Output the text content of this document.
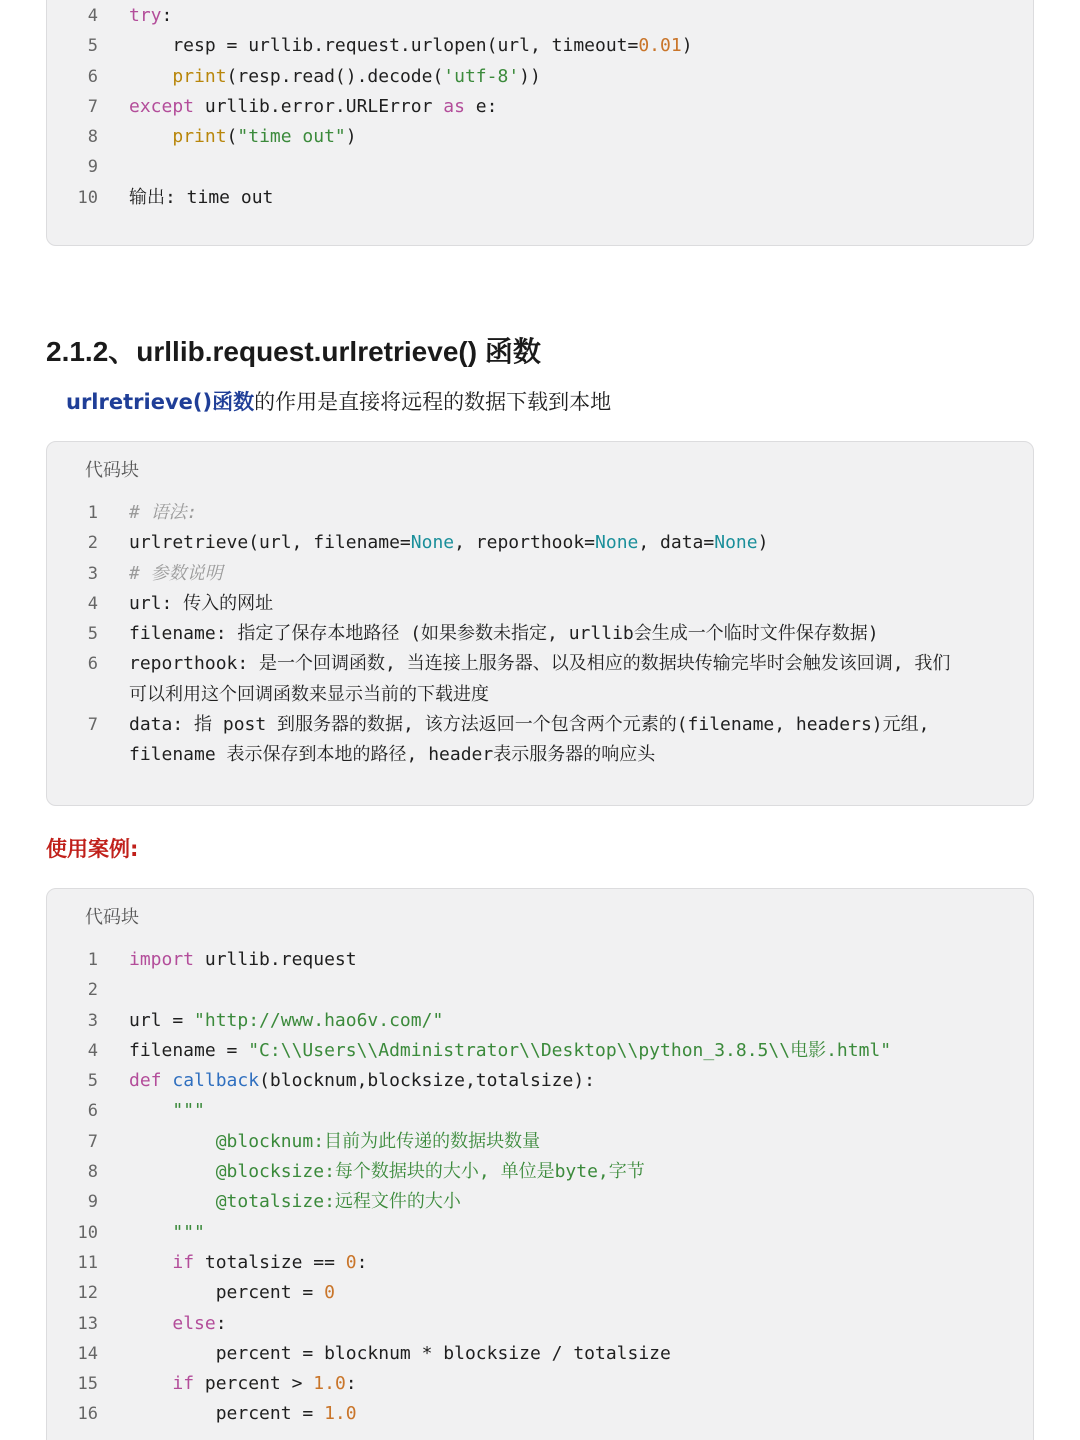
4 try:
5 resp = urllib.request.urlopen(url, timeout=0.01)
6	print(resp.read().decode('utf-8'))
7 except urllib.error.URLError as e:
8	print("time out")
9
10 输出: time out
2.1.2、urllib.request.urlretrieve() 函数
urlretrieve()函数的作用是直接将远程的数据下载到本地
代码块
1 # 语法:
2 urlretrieve(url, filename=None, reporthook=None, data=None)
3 # 参数说明
4 url: 传入的网址
5 filename: 指定了保存本地路径 (如果参数未指定, urllib会生成一个临时文件保存数据)
6 reporthook: 是一个回调函数, 当连接上服务器、以及相应的数据块传输完毕时会触发该回调, 我们
可以利用这个回调函数来显示当前的下载进度
7 data: 指 post 到服务器的数据, 该方法返回一个包含两个元素的(filename, headers)元组,
filename 表示保存到本地的路径, header表示服务器的响应头
使用案例:
代码块
1 import urllib.request
2
3 url = "http://www.hao6v.com/"
4 filename = "C:\\Users\\Administrator\\Desktop\\python_3.8.5\\电影.html"
5 def callback(blocknum,blocksize,totalsize):
6	"""
7 @blocknum:目前为此传递的数据块数量
8 @blocksize:每个数据块的大小, 单位是byte,字节
9 @totalsize:远程文件的大小
10	"""
11	if totalsize == 0:
12 percent = 0
13	else:
14 percent = blocknum * blocksize / totalsize
15	if percent > 1.0:
16 percent = 1.0
